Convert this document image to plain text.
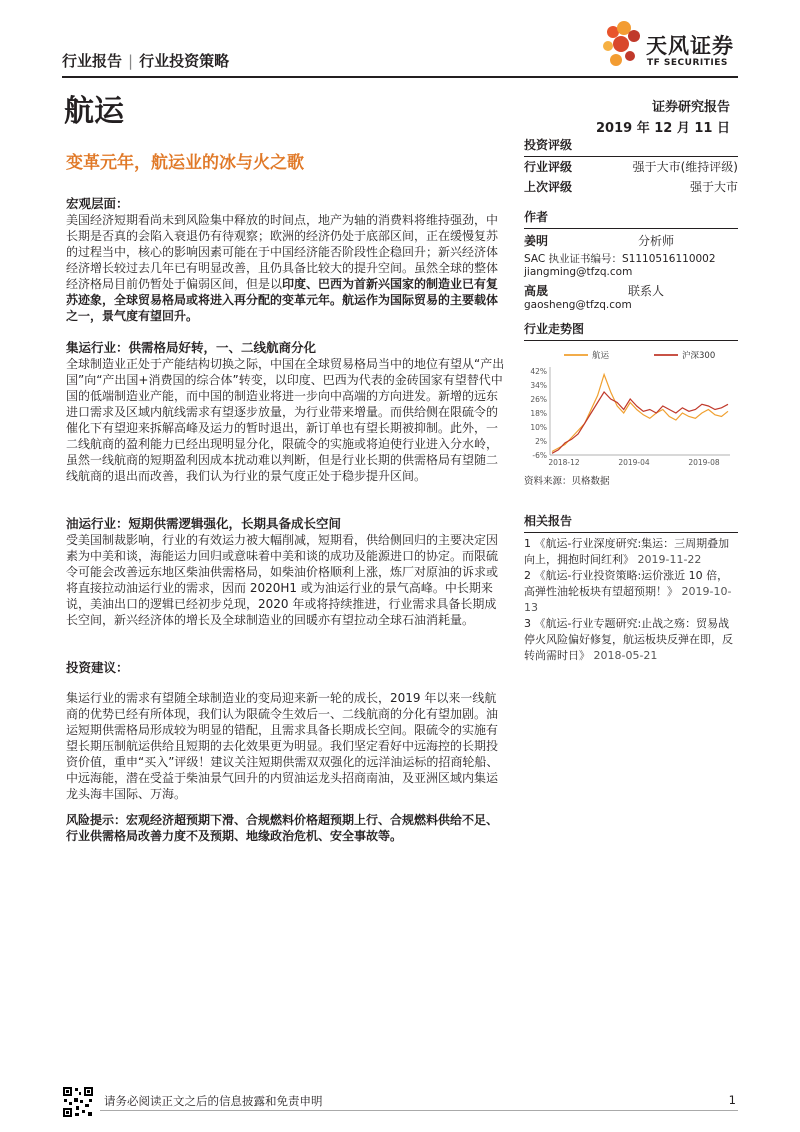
行业报告 | 行业投资策略
天风证券
TF SECURITIES
航运	证券研究报告
2019 年 12 月 11 日
变革元年，航运业的冰与火之歌
宏观层面：

美国经济短期看尚未到风险集中释放的时间点，地产为轴的消费料将维持强劲，中长期是否真的会陷入衰退仍有待观察；欧洲的经济仍处于底部区间，正在缓慢复苏的过程当中，核心的影响因素可能在于中国经济能否阶段性企稳回升；新兴经济体经济增长较过去几年已有明显改善，且仍具备比较大的提升空间。虽然全球的整体经济格局目前仍暂处于偏弱区间，但是以印度、巴西为首新兴国家的制造业已有复苏迹象，全球贸易格局或将进入再分配的变革元年。航运作为国际贸易的主要载体之一，景气度有望回升。

集运行业：供需格局好转，一、二线航商分化

全球制造业正处于产能结构切换之际，中国在全球贸易格局当中的地位有望从“产出国”向“产出国+消费国的综合体”转变，以印度、巴西为代表的金砖国家有望替代中国的低端制造业产能，而中国的制造业将进一步向中高端的方向进发。新增的远东进口需求及区域内航线需求有望逐步放量，为行业带来增量。而供给侧在限硫令的催化下有望迎来拆解高峰及运力的暂时退出，新订单也有望长期被抑制。此外，一二线航商的盈利能力已经出现明显分化，限硫令的实施或将迫使行业进入分水岭，虽然一线航商的短期盈利因成本扰动难以判断，但是行业长期的供需格局有望随二线航商的退出而改善，我们认为行业的景气度正处于稳步提升区间。

油运行业：短期供需逻辑强化，长期具备成长空间

受美国制裁影响，行业的有效运力被大幅削减，短期看，供给侧回归的主要决定因素为中美和谈，海能运力回归或意味着中美和谈的成功及能源进口的协定。而限硫令可能会改善远东地区柴油供需格局，如柴油价格顺利上涨，炼厂对原油的诉求或将直接拉动油运行业的需求，因而 2020H1 或为油运行业的景气高峰。中长期来说，美油出口的逻辑已经初步兑现，2020 年或将持续推进，行业需求具备长期成长空间，新兴经济体的增长及全球制造业的回暖亦有望拉动全球石油消耗量。

投资建议：

集运行业的需求有望随全球制造业的变局迎来新一轮的成长，2019 年以来一线航商的优势已经有所体现，我们认为限硫令生效后一、二线航商的分化有望加剧。油运短期供需格局形成较为明显的错配，且需求具备长期成长空间。限硫令的实施有望长期压制航运供给且短期的去化效果更为明显。我们坚定看好中远海控的长期投资价值，重申“买入”评级！建议关注短期供需双双强化的远洋油运标的招商轮船、中远海能，潜在受益于柴油景气回升的内贸油运龙头招商南油，及亚洲区域内集运龙头海丰国际、万海。

风险提示：宏观经济超预期下滑、合规燃料价格超预期上行、合规燃料供给不足、行业供需格局改善力度不及预期、地缘政治危机、安全事故等。

投资评级
行业评级	强于大市(维持评级)
上次评级	强于大市
作者
姜明	分析师
SAC 执业证书编号：S1110516110002
jiangming@tfzq.com
高晟	联系人
gaosheng@tfzq.com
行业走势图
42%
34%
26%
18%
10%
2%
-6%
2018-12	2019-04	2019-08
航运	沪深300
资料来源：贝格数据
相关报告
1 《航运-行业深度研究:集运：三周期叠加向上，拥抱时间红利》 2019-11-22
2 《航运-行业投资策略:运价涨近 10 倍，高弹性油轮板块有望超预期！》 2019-10-13
3 《航运-行业专题研究:止战之殇：贸易战停火风险偏好修复，航运板块反弹在即，反转尚需时日》 2018-05-21
请务必阅读正文之后的信息披露和免责申明	1
